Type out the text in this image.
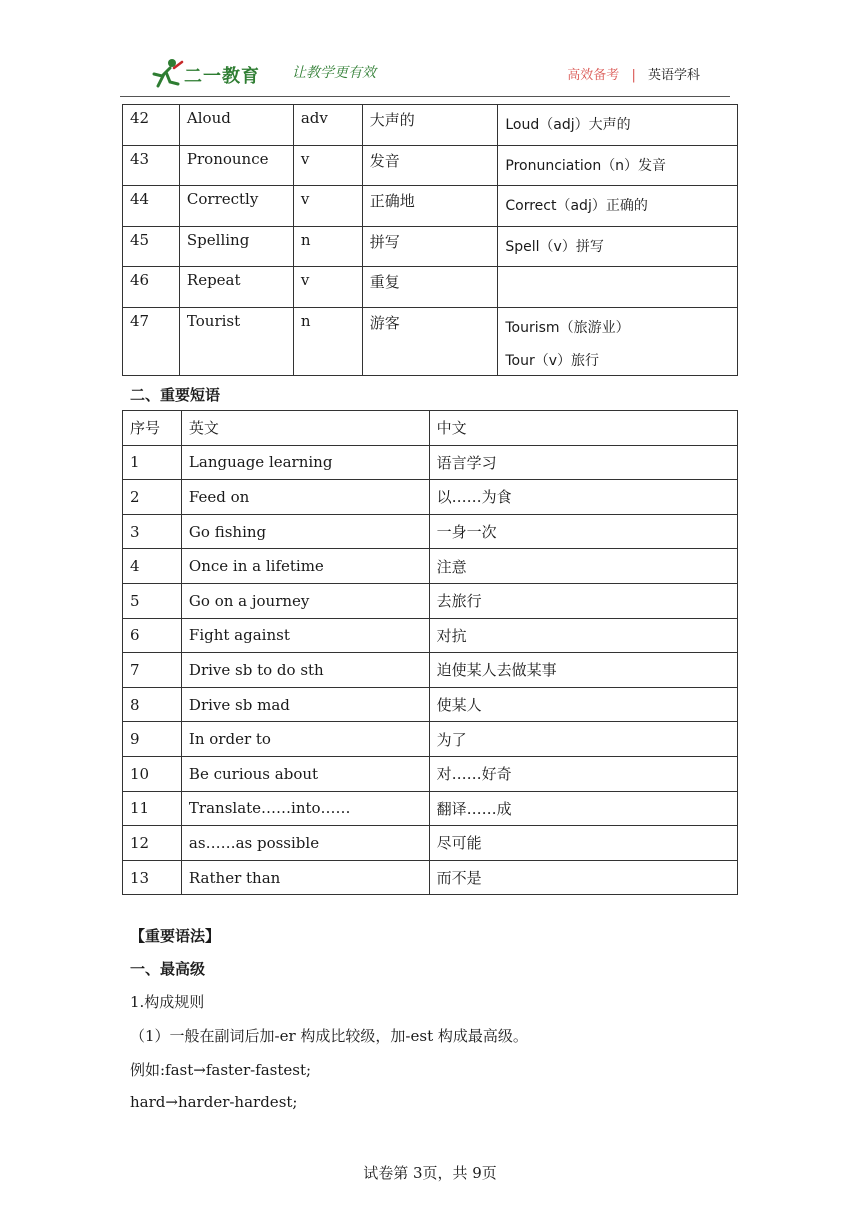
二一教育 让教学更有效	高效备考 | 英语学科
42	Aloud	adv	大声的	Loud（adj）大声的

43	Pronounce	v	发音	Pronunciation（n）发音

44	Correctly	v	正确地	Correct（adj）正确的

45	Spelling	n	拼写	Spell（v）拼写

46	Repeat	v	重复	

47	Tourist	n	游客	Tourism（旅游业）
Tour（v）旅行
二、重要短语
序号	英文	中文
1	Language learning	语言学习
2	Feed on	以……为食
3	Go fishing	一身一次
4	Once in a lifetime	注意
5	Go on a journey	去旅行
6	Fight against	对抗
7	Drive sb to do sth	迫使某人去做某事
8	Drive sb mad	使某人
9	In order to	为了
10	Be curious about	对……好奇
11	Translate……into……	翻译……成
12	as……as possible	尽可能
13	Rather than	而不是
【重要语法】
一、最高级
1.构成规则
（1）一般在副词后加-er 构成比较级，加-est 构成最高级。
例如:fast→faster-fastest;
hard→harder-hardest;
试卷第 3页，共 9页
